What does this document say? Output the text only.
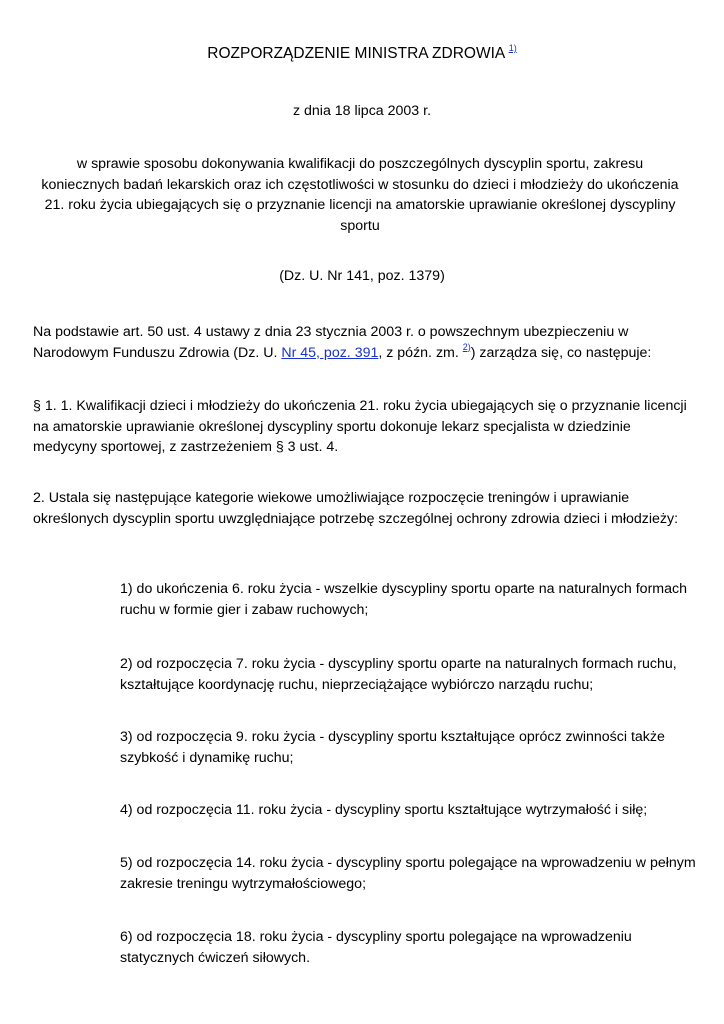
ROZPORZĄDZENIE MINISTRA ZDROWIA $^{1)}$
z dnia 18 lipca 2003 r.
w sprawie sposobu dokonywania kwalifikacji do poszczególnych dyscyplin sportu, zakresu koniecznych badań lekarskich oraz ich częstotliwości w stosunku do dzieci i młodzieży do ukończenia 21. roku życia ubiegających się o przyznanie licencji na amatorskie uprawianie określonej dyscypliny sportu
(Dz. U. Nr 141, poz. 1379)
Na podstawie art. 50 ust. 4 ustawy z dnia 23 stycznia 2003 r. o powszechnym ubezpieczeniu w Narodowym Funduszu Zdrowia (Dz. U. Nr 45, poz. 391, z późn. zm. $^{2)}$) zarządza się, co następuje:
§ 1. 1. Kwalifikacji dzieci i młodzieży do ukończenia 21. roku życia ubiegających się o przyznanie licencji na amatorskie uprawianie określonej dyscypliny sportu dokonuje lekarz specjalista w dziedzinie medycyny sportowej, z zastrzeżeniem § 3 ust. 4.
2. Ustala się następujące kategorie wiekowe umożliwiające rozpoczęcie treningów i uprawianie określonych dyscyplin sportu uwzględniające potrzebę szczególnej ochrony zdrowia dzieci i młodzieży:
1) do ukończenia 6. roku życia - wszelkie dyscypliny sportu oparte na naturalnych formach ruchu w formie gier i zabaw ruchowych;
2) od rozpoczęcia 7. roku życia - dyscypliny sportu oparte na naturalnych formach ruchu, kształtujące koordynację ruchu, nieprzeciążające wybiórczo narządu ruchu;
3) od rozpoczęcia 9. roku życia - dyscypliny sportu kształtujące oprócz zwinności także szybkość i dynamikę ruchu;
4) od rozpoczęcia 11. roku życia - dyscypliny sportu kształtujące wytrzymałość i siłę;
5) od rozpoczęcia 14. roku życia - dyscypliny sportu polegające na wprowadzeniu w pełnym zakresie treningu wytrzymałościowego;
6) od rozpoczęcia 18. roku życia - dyscypliny sportu polegające na wprowadzeniu statycznych ćwiczeń siłowych.
